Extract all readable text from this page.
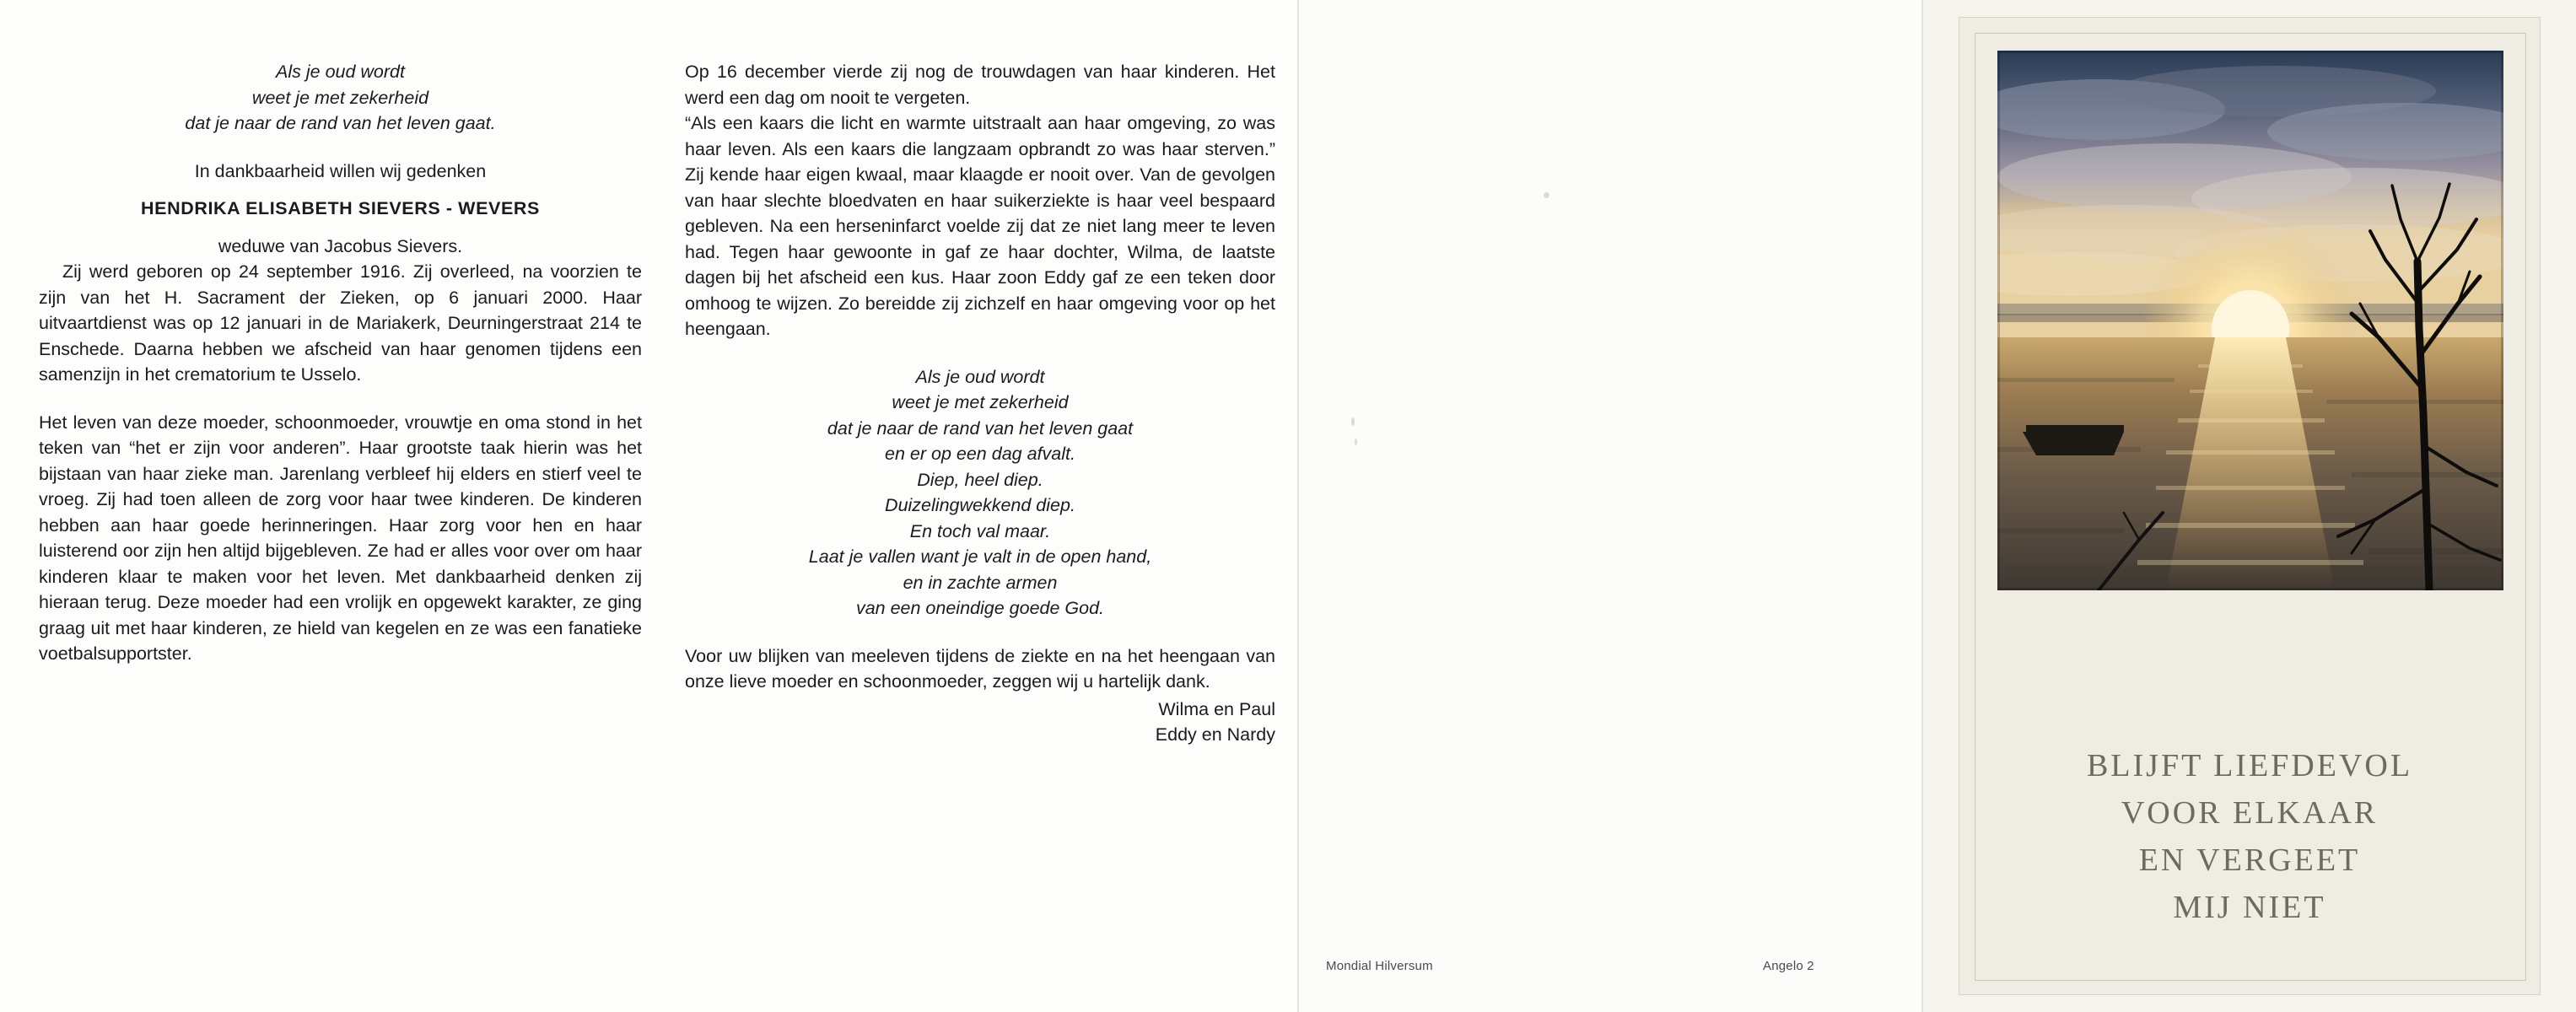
Als je oud wordt
weet je met zekerheid
dat je naar de rand van het leven gaat.
In dankbaarheid willen wij gedenken
HENDRIKA ELISABETH SIEVERS - WEVERS
weduwe van Jacobus Sievers.
Zij werd geboren op 24 september 1916. Zij overleed, na voorzien te zijn van het H. Sacrament der Zieken, op 6 januari 2000. Haar uitvaartdienst was op 12 januari in de Mariakerk, Deurningerstraat 214 te Enschede. Daarna hebben we afscheid van haar genomen tijdens een samenzijn in het crematorium te Usselo.
Het leven van deze moeder, schoonmoeder, vrouwtje en oma stond in het teken van “het er zijn voor anderen”. Haar grootste taak hierin was het bijstaan van haar zieke man. Jarenlang verbleef hij elders en stierf veel te vroeg. Zij had toen alleen de zorg voor haar twee kinderen. De kinderen hebben aan haar goede herinneringen. Haar zorg voor hen en haar luisterend oor zijn hen altijd bijgebleven. Ze had er alles voor over om haar kinderen klaar te maken voor het leven. Met dankbaarheid denken zij hieraan terug. Deze moeder had een vrolijk en opgewekt karakter, ze ging graag uit met haar kinderen, ze hield van kegelen en ze was een fanatieke voetbalsupportster.
Op 16 december vierde zij nog de trouwdagen van haar kinderen. Het werd een dag om nooit te vergeten.
“Als een kaars die licht en warmte uitstraalt aan haar omgeving, zo was haar leven. Als een kaars die langzaam opbrandt zo was haar sterven.” Zij kende haar eigen kwaal, maar klaagde er nooit over. Van de gevolgen van haar slechte bloedvaten en haar suikerziekte is haar veel bespaard gebleven. Na een herseninfarct voelde zij dat ze niet lang meer te leven had. Tegen haar gewoonte in gaf ze haar dochter, Wilma, de laatste dagen bij het afscheid een kus. Haar zoon Eddy gaf ze een teken door omhoog te wijzen. Zo bereidde zij zichzelf en haar omgeving voor op het heengaan.
Als je oud wordt
weet je met zekerheid
dat je naar de rand van het leven gaat
en er op een dag afvalt.
Diep, heel diep.
Duizelingwekkend diep.
En toch val maar.
Laat je vallen want je valt in de open hand,
en in zachte armen
van een oneindige goede God.
Voor uw blijken van meeleven tijdens de ziekte en na het heengaan van onze lieve moeder en schoonmoeder, zeggen wij u hartelijk dank.
Wilma en Paul
Eddy en Nardy
Mondial Hilversum	Angelo 2
BLIJFT LIEFDEVOL
VOOR ELKAAR
EN VERGEET
MIJ NIET
